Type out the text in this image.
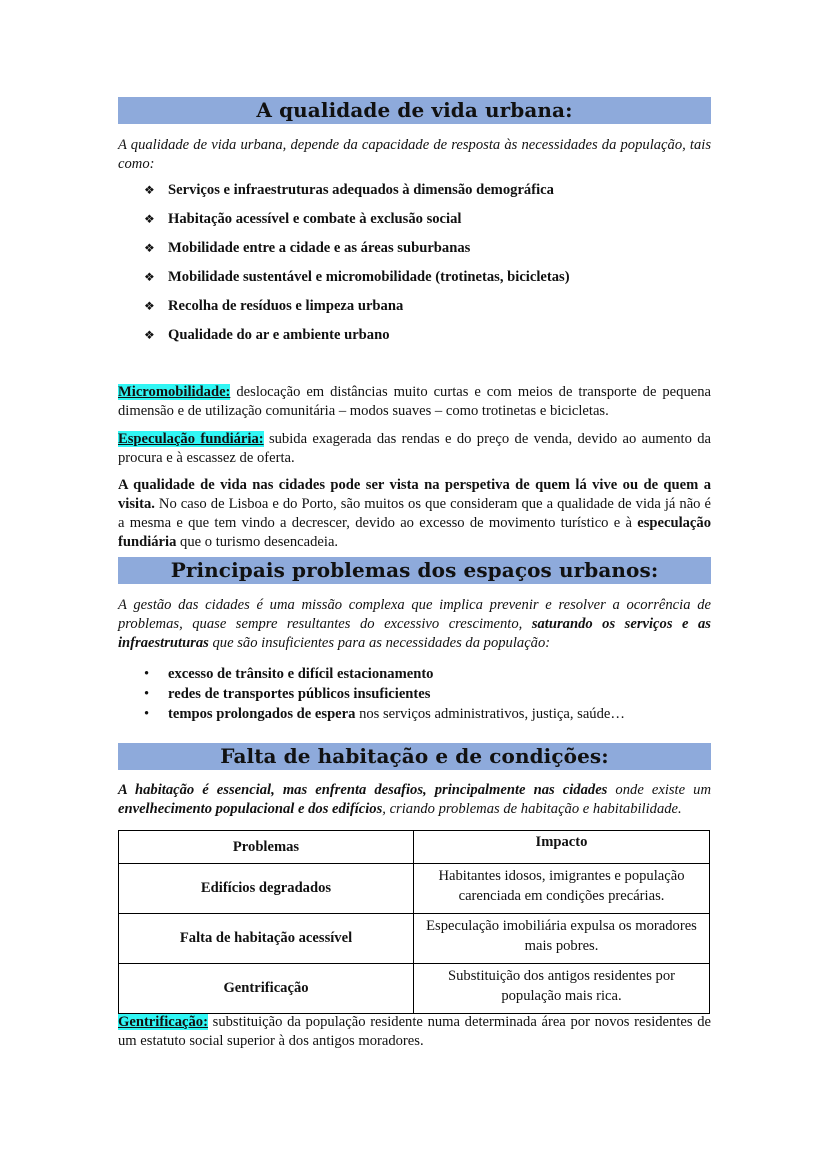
A qualidade de vida urbana:

A qualidade de vida urbana, depende da capacidade de resposta às necessidades da população, tais como:

❖ Serviços e infraestruturas adequados à dimensão demográfica
❖ Habitação acessível e combate à exclusão social
❖ Mobilidade entre a cidade e as áreas suburbanas
❖ Mobilidade sustentável e micromobilidade (trotinetas, bicicletas)
❖ Recolha de resíduos e limpeza urbana
❖ Qualidade do ar e ambiente urbano

Micromobilidade: deslocação em distâncias muito curtas e com meios de transporte de pequena dimensão e de utilização comunitária – modos suaves – como trotinetas e bicicletas.

Especulação fundiária: subida exagerada das rendas e do preço de venda, devido ao aumento da procura e à escassez de oferta.

A qualidade de vida nas cidades pode ser vista na perspetiva de quem lá vive ou de quem a visita. No caso de Lisboa e do Porto, são muitos os que consideram que a qualidade de vida já não é a mesma e que tem vindo a decrescer, devido ao excesso de movimento turístico e à especulação fundiária que o turismo desencadeia.

Principais problemas dos espaços urbanos:

A gestão das cidades é uma missão complexa que implica prevenir e resolver a ocorrência de problemas, quase sempre resultantes do excessivo crescimento, saturando os serviços e as infraestruturas que são insuficientes para as necessidades da população:

•	excesso de trânsito e difícil estacionamento
•	redes de transportes públicos insuficientes
•	tempos prolongados de espera nos serviços administrativos, justiça, saúde…
Falta de habitação e de condições:

A habitação é essencial, mas enfrenta desafios, principalmente nas cidades onde existe um envelhecimento populacional e dos edifícios, criando problemas de habitação e habitabilidade.

Problemas	Impacto
Edifícios degradados	Habitantes idosos, imigrantes e população carenciada em condições precárias.
Falta de habitação acessível	Especulação imobiliária expulsa os moradores mais pobres.
Gentrificação	Substituição dos antigos residentes por população mais rica.

Gentrificação: substituição da população residente numa determinada área por novos residentes de um estatuto social superior à dos antigos moradores.
